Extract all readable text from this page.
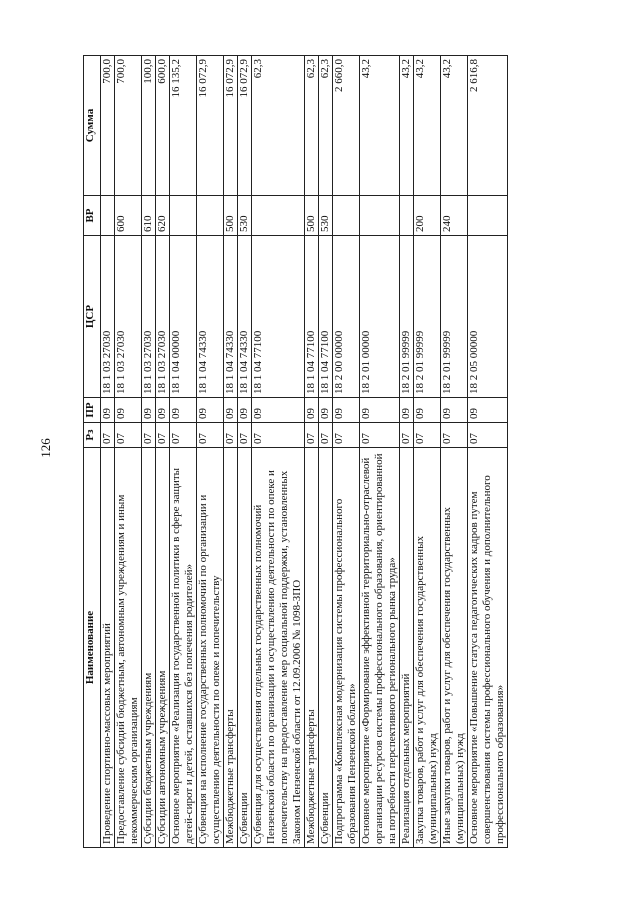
126
Наименование	Рз	ПР	ЦСР	ВР	Сумма
Проведение спортивно-массовых мероприятий	07	09	18 1 03 27030		700,0
Предоставление субсидий бюджетным, автономным учреждениям и иным некоммерческим организациям	07	09	18 1 03 27030	600	700,0
Субсидии бюджетным учреждениям	07	09	18 1 03 27030	610	100,0
Субсидии автономным учреждениям	07	09	18 1 03 27030	620	600,0
Основное мероприятие «Реализация государственной политики в сфере защиты детей-сирот и детей, оставшихся без попечения родителей»	07	09	18 1 04 00000		16 135,2
Субвенция на исполнение государственных полномочий по организации и осуществлению деятельности по опеке и попечительству	07	09	18 1 04 74330		16 072,9
Межбюджетные трансферты	07	09	18 1 04 74330	500	16 072,9
Субвенции	07	09	18 1 04 74330	530	16 072,9
Субвенция для осуществления отдельных государственных полномочий Пензенской области по организации и осуществлению деятельности по опеке и попечительству на предоставление мер социальной поддержки, установленных Законом Пензенской области от 12.09.2006 № 1098-ЗПО	07	09	18 1 04 77100		62,3
Межбюджетные трансферты	07	09	18 1 04 77100	500	62,3
Субвенции	07	09	18 1 04 77100	530	62,3
Подпрограмма «Комплексная модернизация системы профессионального образования Пензенской области»	07	09	18 2 00 00000		2 660,0
Основное мероприятие «Формирование эффективной территориально-отраслевой организации ресурсов системы профессионального образования, ориентированной на потребности перспективного регионального рынка труда»	07	09	18 2 01 00000		43,2
Реализация отдельных мероприятий	07	09	18 2 01 99999		43,2
Закупка товаров, работ и услуг для обеспечения государственных (муниципальных) нужд	07	09	18 2 01 99999	200	43,2
Иные закупки товаров, работ и услуг для обеспечения государственных (муниципальных) нужд	07	09	18 2 01 99999	240	43,2
Основное мероприятие «Повышение статуса педагогических кадров путем совершенствования системы профессионального обучения и дополнительного профессионального образования»	07	09	18 2 05 00000		2 616,8
